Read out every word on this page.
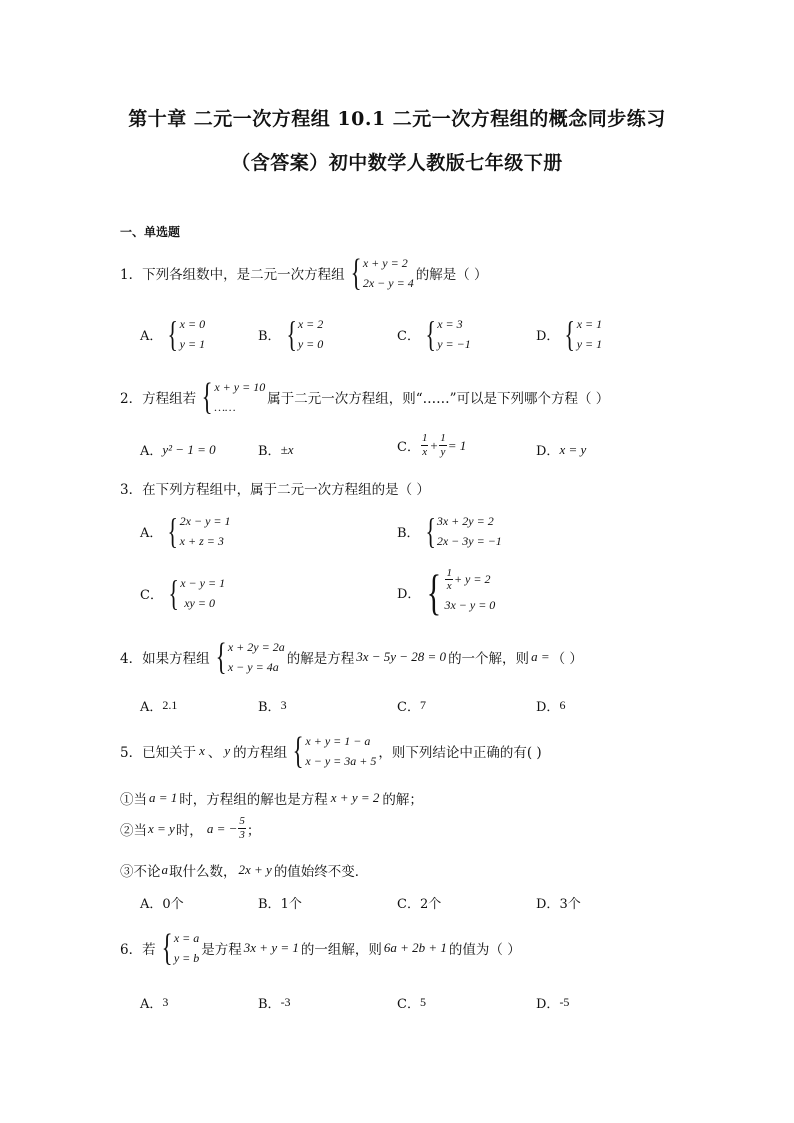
第十章 二元一次方程组 10.1 二元一次方程组的概念同步练习
（含答案）初中数学人教版七年级下册
一、单选题
1．下列各组数中，是二元一次方程组 { x + y = 2
2x − y = 4 的解是（ ）
A． { x = 0
y = 1
B． { x = 2
y = 0
C． { x = 3
y = −1
D． { x = 1
y = 1
2．方程组若 { x + y = 10
……	属于二元一次方程组，则“……”可以是下列哪个方程（ ）
A． y² − 1 = 0	B． ±x	C． $\frac{1}{x} + \frac{1}{y} = 1$	D． x = y
3．在下列方程组中，属于二元一次方程组的是（ ）
A． { 2x − y = 1
x + z = 3
B． { 3x + 2y = 2
2x − 3y = −1
C． { x − y = 1
xy = 0
D． { $\frac{1}{x} + y = 2$
3x − y = 0
4．如果方程组 { x + 2y = 2a
x − y = 4a 的解是方程 3x − 5y − 28 = 0 的一个解，则 a = （ ）
A． 2.1	B． 3	C． 7	D． 6
5．已知关于 x 、 y 的方程组 { x + y = 1 − a
x − y = 3a + 5 ，则下列结论中正确的有( )
①当 a = 1 时，方程组的解也是方程 x + y = 2 的解；
②当 x = y 时， a = − $\frac{5}{3}$ ；
③不论 a 取什么数， 2x + y 的值始终不变．
A． 0个	B． 1个	C． 2个	D． 3个
6．若 { x = a
y = b 是方程 3x + y = 1 的一组解，则 6a + 2b + 1 的值为（ ）
A． 3	B． -3	C． 5	D． -5
